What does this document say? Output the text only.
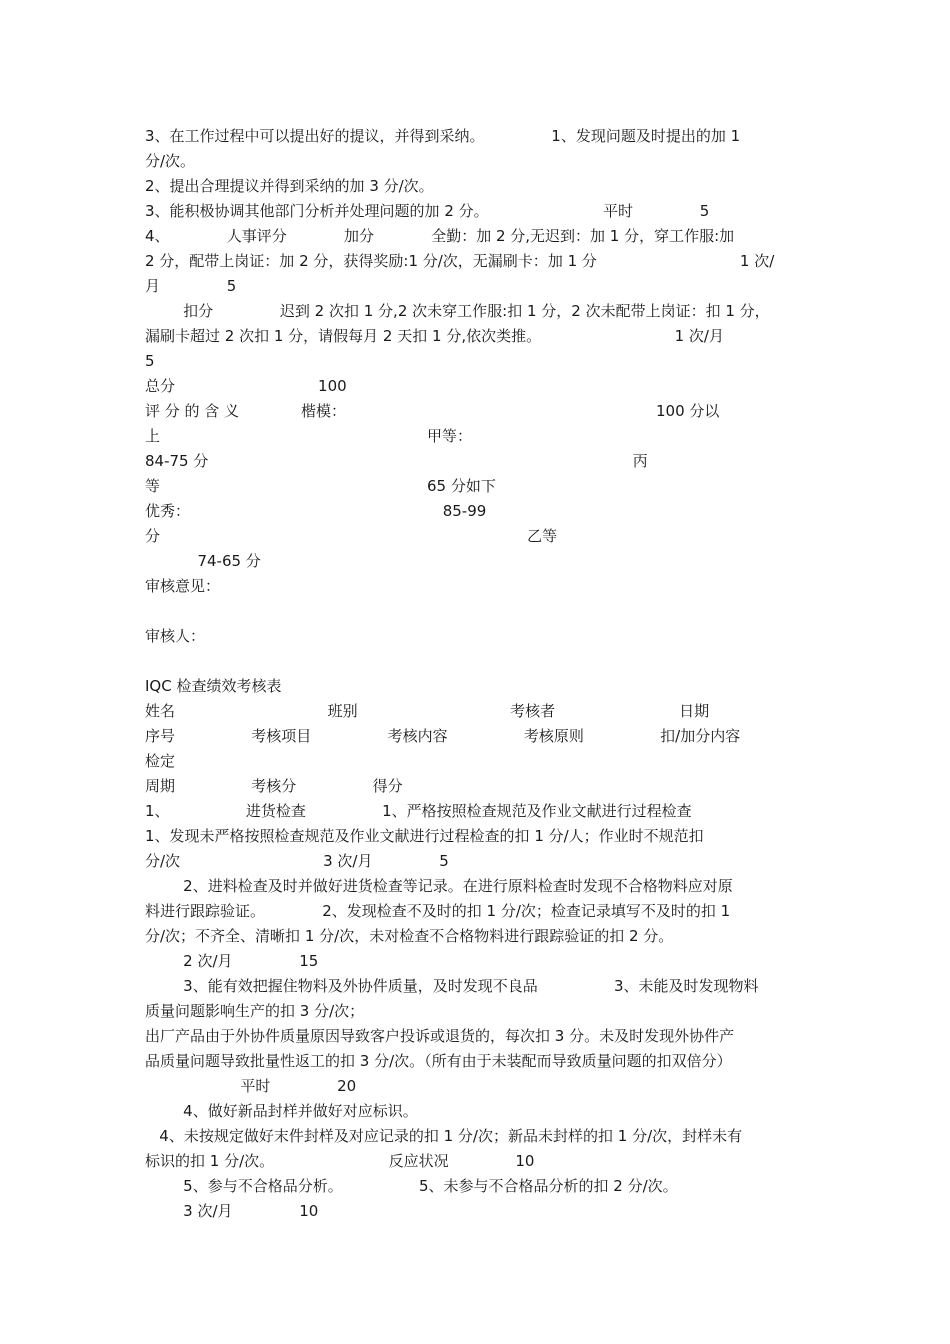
3、在工作过程中可以提出好的提议，并得到采纳。              1、发现问题及时提出的加 1
分/次。
2、提出合理提议并得到采纳的加 3 分/次。
3、能积极协调其他部门分析并处理问题的加 2 分。                        平时              5
4、            人事评分            加分            全勤：加 2 分,无迟到：加 1 分，穿工作服:加
2 分，配带上岗证：加 2 分，获得奖励:1 分/次，无漏刷卡：加 1 分                              1 次/
月              5
扣分              迟到 2 次扣 1 分,2 次未穿工作服:扣 1 分，2 次未配带上岗证：扣 1 分，
漏刷卡超过 2 次扣 1 分，请假每月 2 天扣 1 分,依次类推。                            1 次/月
5
总分                              100
评 分 的 含 义             楷模：                                                                 100 分以
上                                                        甲等：
84-75 分                                                                                         丙
等                                                        65 分如下
优秀：                                                     85-99
分                                                                             乙等
74-65 分
审核意见：
审核人：
IQC 检查绩效考核表
姓名                                班别                                考核者                          日期
序号                考核项目                考核内容                考核原则                扣/加分内容
检定
周期                考核分                得分
1、                进货检查                1、严格按照检查规范及作业文献进行过程检查
1、发现未严格按照检查规范及作业文献进行过程检查的扣 1 分/人；作业时不规范扣
分/次                              3 次/月              5
2、进料检查及时并做好进货检查等记录。在进行原料检查时发现不合格物料应对原
料进行跟踪验证。            2、发现检查不及时的扣 1 分/次；检查记录填写不及时的扣 1
分/次；不齐全、清晰扣 1 分/次，未对检查不合格物料进行跟踪验证的扣 2 分。
2 次/月              15
3、能有效把握住物料及外协件质量，及时发现不良品                3、未能及时发现物料
质量问题影响生产的扣 3 分/次；
出厂产品由于外协件质量原因导致客户投诉或退货的，每次扣 3 分。未及时发现外协件产
品质量问题导致批量性返工的扣 3 分/次。（所有由于未装配而导致质量问题的扣双倍分）
平时              20
4、做好新品封样并做好对应标识。
4、未按规定做好末件封样及对应记录的扣 1 分/次；新品未封样的扣 1 分/次，封样未有
标识的扣 1 分/次。                        反应状况              10
5、参与不合格品分析。                5、未参与不合格品分析的扣 2 分/次。
3 次/月              10
